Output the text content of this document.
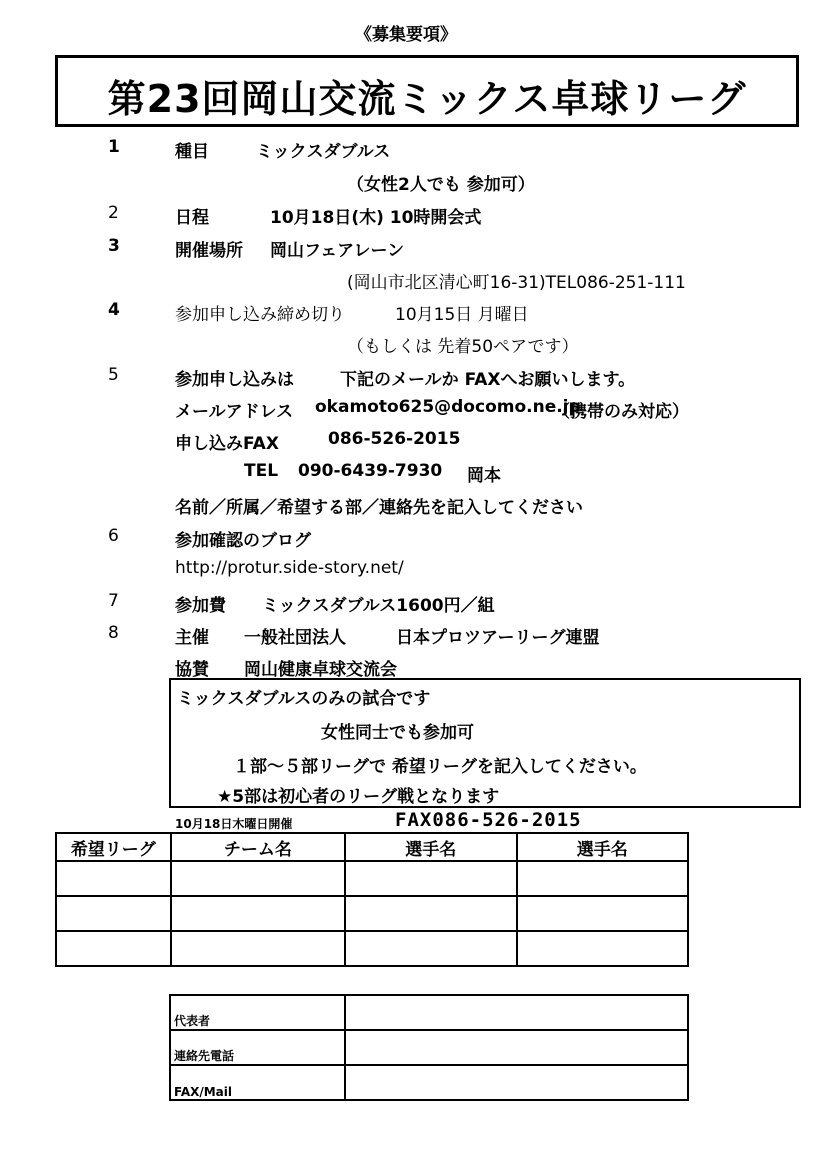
《募集要項》
第23回岡山交流ミックス卓球リーグ
1	種目	ミックスダブルス
（女性2人でも 参加可）
2	日程	10月18日(木) 10時開会式
3	開催場所 岡山フェアレーン
(岡山市北区清心町16-31)TEL086-251-111
4	参加申し込み締め切り	10月15日 月曜日
（もしくは 先着50ペアです）
5	参加申し込みは	下記のメールか FAXへお願いします。
メールアドレス okamoto625@docomo.ne.jp
（携帯のみ対応）
申し込みFAX	086-526-2015
TEL 090-6439-7930 岡本
名前／所属／希望する部／連絡先を記入してください
6	参加確認のブログ
http://protur.side-story.net/
7	参加費 ミックスダブルス1600円／組
8	主催 一般社団法人	日本プロツアーリーグ連盟
協賛 岡山健康卓球交流会
ミックスダブルスのみの試合です
女性同士でも参加可
１部～５部リーグで 希望リーグを記入してください。
★5部は初心者のリーグ戦となります
10月18日木曜日開催	FAX086-526-2015
希望リーグ	チーム名	選手名	選手名

代表者	
連絡先電話	
FAX/Mail	
